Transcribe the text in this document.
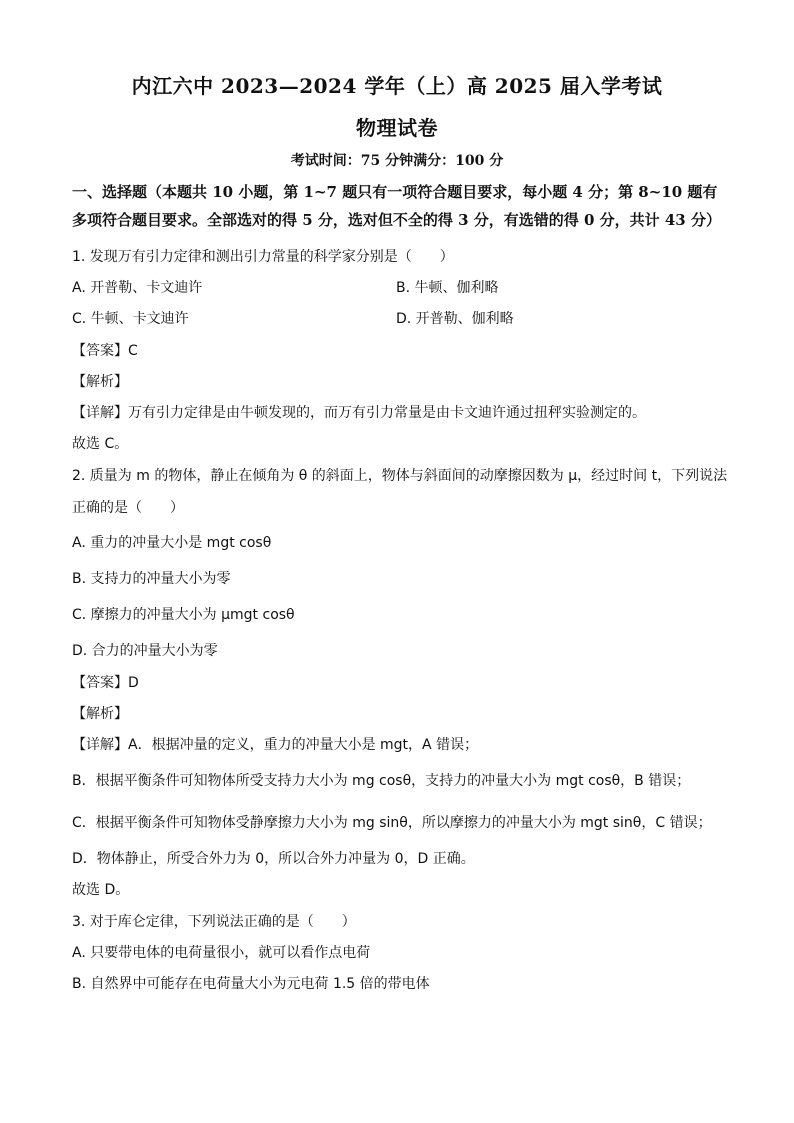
内江六中 2023—2024 学年（上）高 2025 届入学考试
物理试卷
考试时间：75 分钟满分：100 分
一、选择题（本题共 10 小题，第 1~7 题只有一项符合题目要求，每小题 4 分；第 8~10 题有
多项符合题目要求。全部选对的得 5 分，选对但不全的得 3 分，有选错的得 0 分，共计 43 分）
1. 发现万有引力定律和测出引力常量的科学家分别是（　　）
A. 开普勒、卡文迪许	B. 牛顿、伽利略
C. 牛顿、卡文迪许	D. 开普勒、伽利略
【答案】C
【解析】
【详解】万有引力定律是由牛顿发现的，而万有引力常量是由卡文迪许通过扭秤实验测定的。
故选 C。
2. 质量为 m 的物体，静止在倾角为 θ 的斜面上，物体与斜面间的动摩擦因数为 μ，经过时间 t，下列说法
正确的是（　　）
A. 重力的冲量大小是 mgt cosθ
B. 支持力的冲量大小为零
C. 摩擦力的冲量大小为 μmgt cosθ
D. 合力的冲量大小为零
【答案】D
【解析】
【详解】A．根据冲量的定义，重力的冲量大小是 mgt，A 错误；
B．根据平衡条件可知物体所受支持力大小为 mg cosθ，支持力的冲量大小为 mgt cosθ，B 错误；
C．根据平衡条件可知物体受静摩擦力大小为 mg sinθ，所以摩擦力的冲量大小为 mgt sinθ，C 错误；
D．物体静止，所受合外力为 0，所以合外力冲量为 0，D 正确。
故选 D。
3. 对于库仑定律，下列说法正确的是（　　）
A. 只要带电体的电荷量很小，就可以看作点电荷
B. 自然界中可能存在电荷量大小为元电荷 1.5 倍的带电体
